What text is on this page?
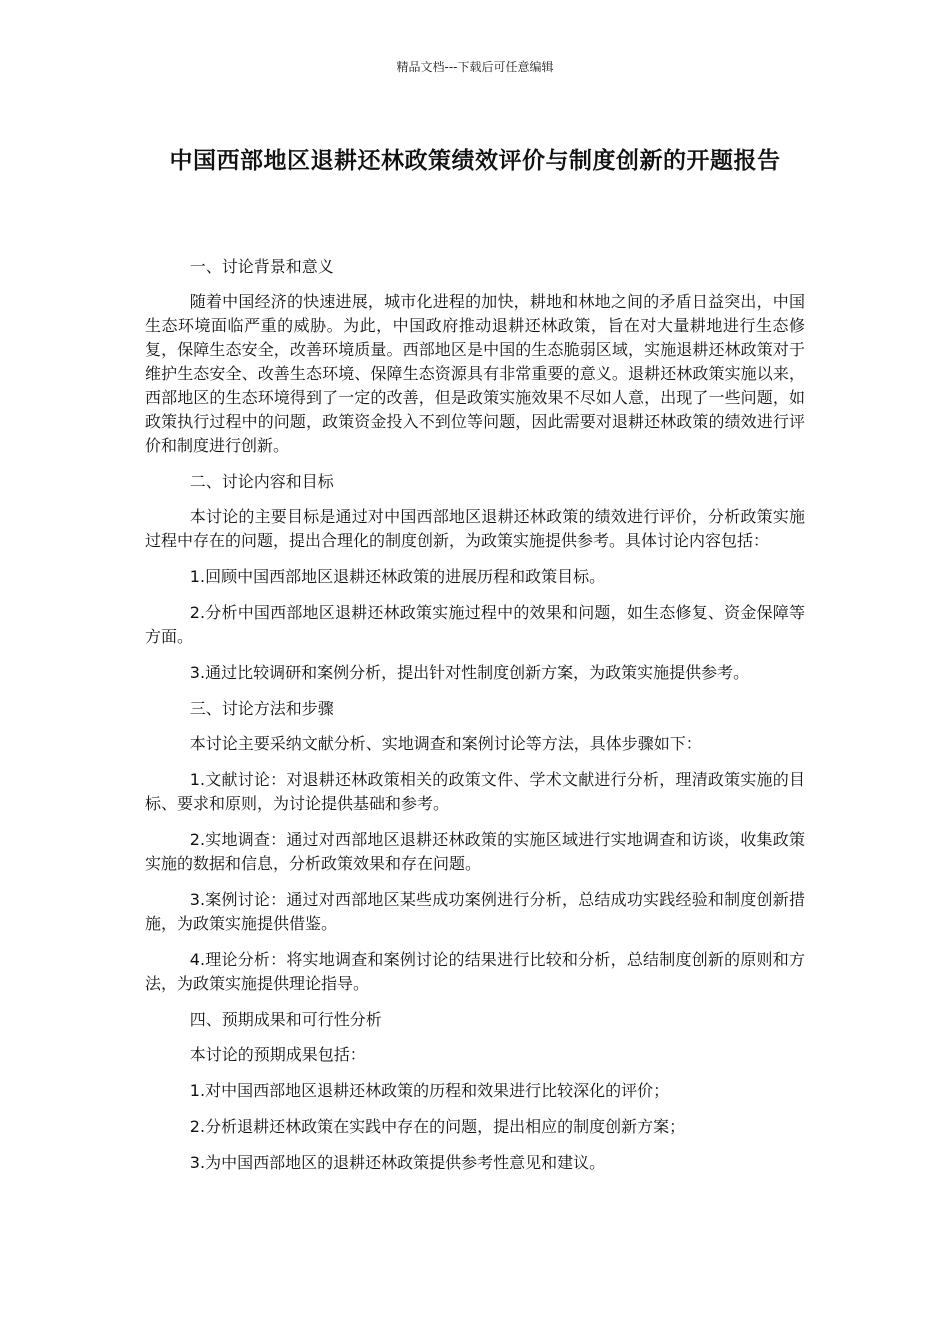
精品文档---下载后可任意编辑
中国西部地区退耕还林政策绩效评价与制度创新的开题报告

一、讨论背景和意义

随着中国经济的快速进展，城市化进程的加快，耕地和林地之间的矛盾日益突出，中国生态环境面临严重的威胁。为此，中国政府推动退耕还林政策，旨在对大量耕地进行生态修复，保障生态安全，改善环境质量。西部地区是中国的生态脆弱区域，实施退耕还林政策对于维护生态安全、改善生态环境、保障生态资源具有非常重要的意义。退耕还林政策实施以来，西部地区的生态环境得到了一定的改善，但是政策实施效果不尽如人意，出现了一些问题，如政策执行过程中的问题，政策资金投入不到位等问题，因此需要对退耕还林政策的绩效进行评价和制度进行创新。

二、讨论内容和目标

本讨论的主要目标是通过对中国西部地区退耕还林政策的绩效进行评价，分析政策实施过程中存在的问题，提出合理化的制度创新，为政策实施提供参考。具体讨论内容包括：

1.回顾中国西部地区退耕还林政策的进展历程和政策目标。

2.分析中国西部地区退耕还林政策实施过程中的效果和问题，如生态修复、资金保障等方面。

3.通过比较调研和案例分析，提出针对性制度创新方案，为政策实施提供参考。

三、讨论方法和步骤

本讨论主要采纳文献分析、实地调查和案例讨论等方法，具体步骤如下：

1.文献讨论：对退耕还林政策相关的政策文件、学术文献进行分析，理清政策实施的目标、要求和原则，为讨论提供基础和参考。

2.实地调查：通过对西部地区退耕还林政策的实施区域进行实地调查和访谈，收集政策实施的数据和信息，分析政策效果和存在问题。

3.案例讨论：通过对西部地区某些成功案例进行分析，总结成功实践经验和制度创新措施，为政策实施提供借鉴。

4.理论分析：将实地调查和案例讨论的结果进行比较和分析，总结制度创新的原则和方法，为政策实施提供理论指导。

四、预期成果和可行性分析

本讨论的预期成果包括：

1.对中国西部地区退耕还林政策的历程和效果进行比较深化的评价；

2.分析退耕还林政策在实践中存在的问题，提出相应的制度创新方案；

3.为中国西部地区的退耕还林政策提供参考性意见和建议。
